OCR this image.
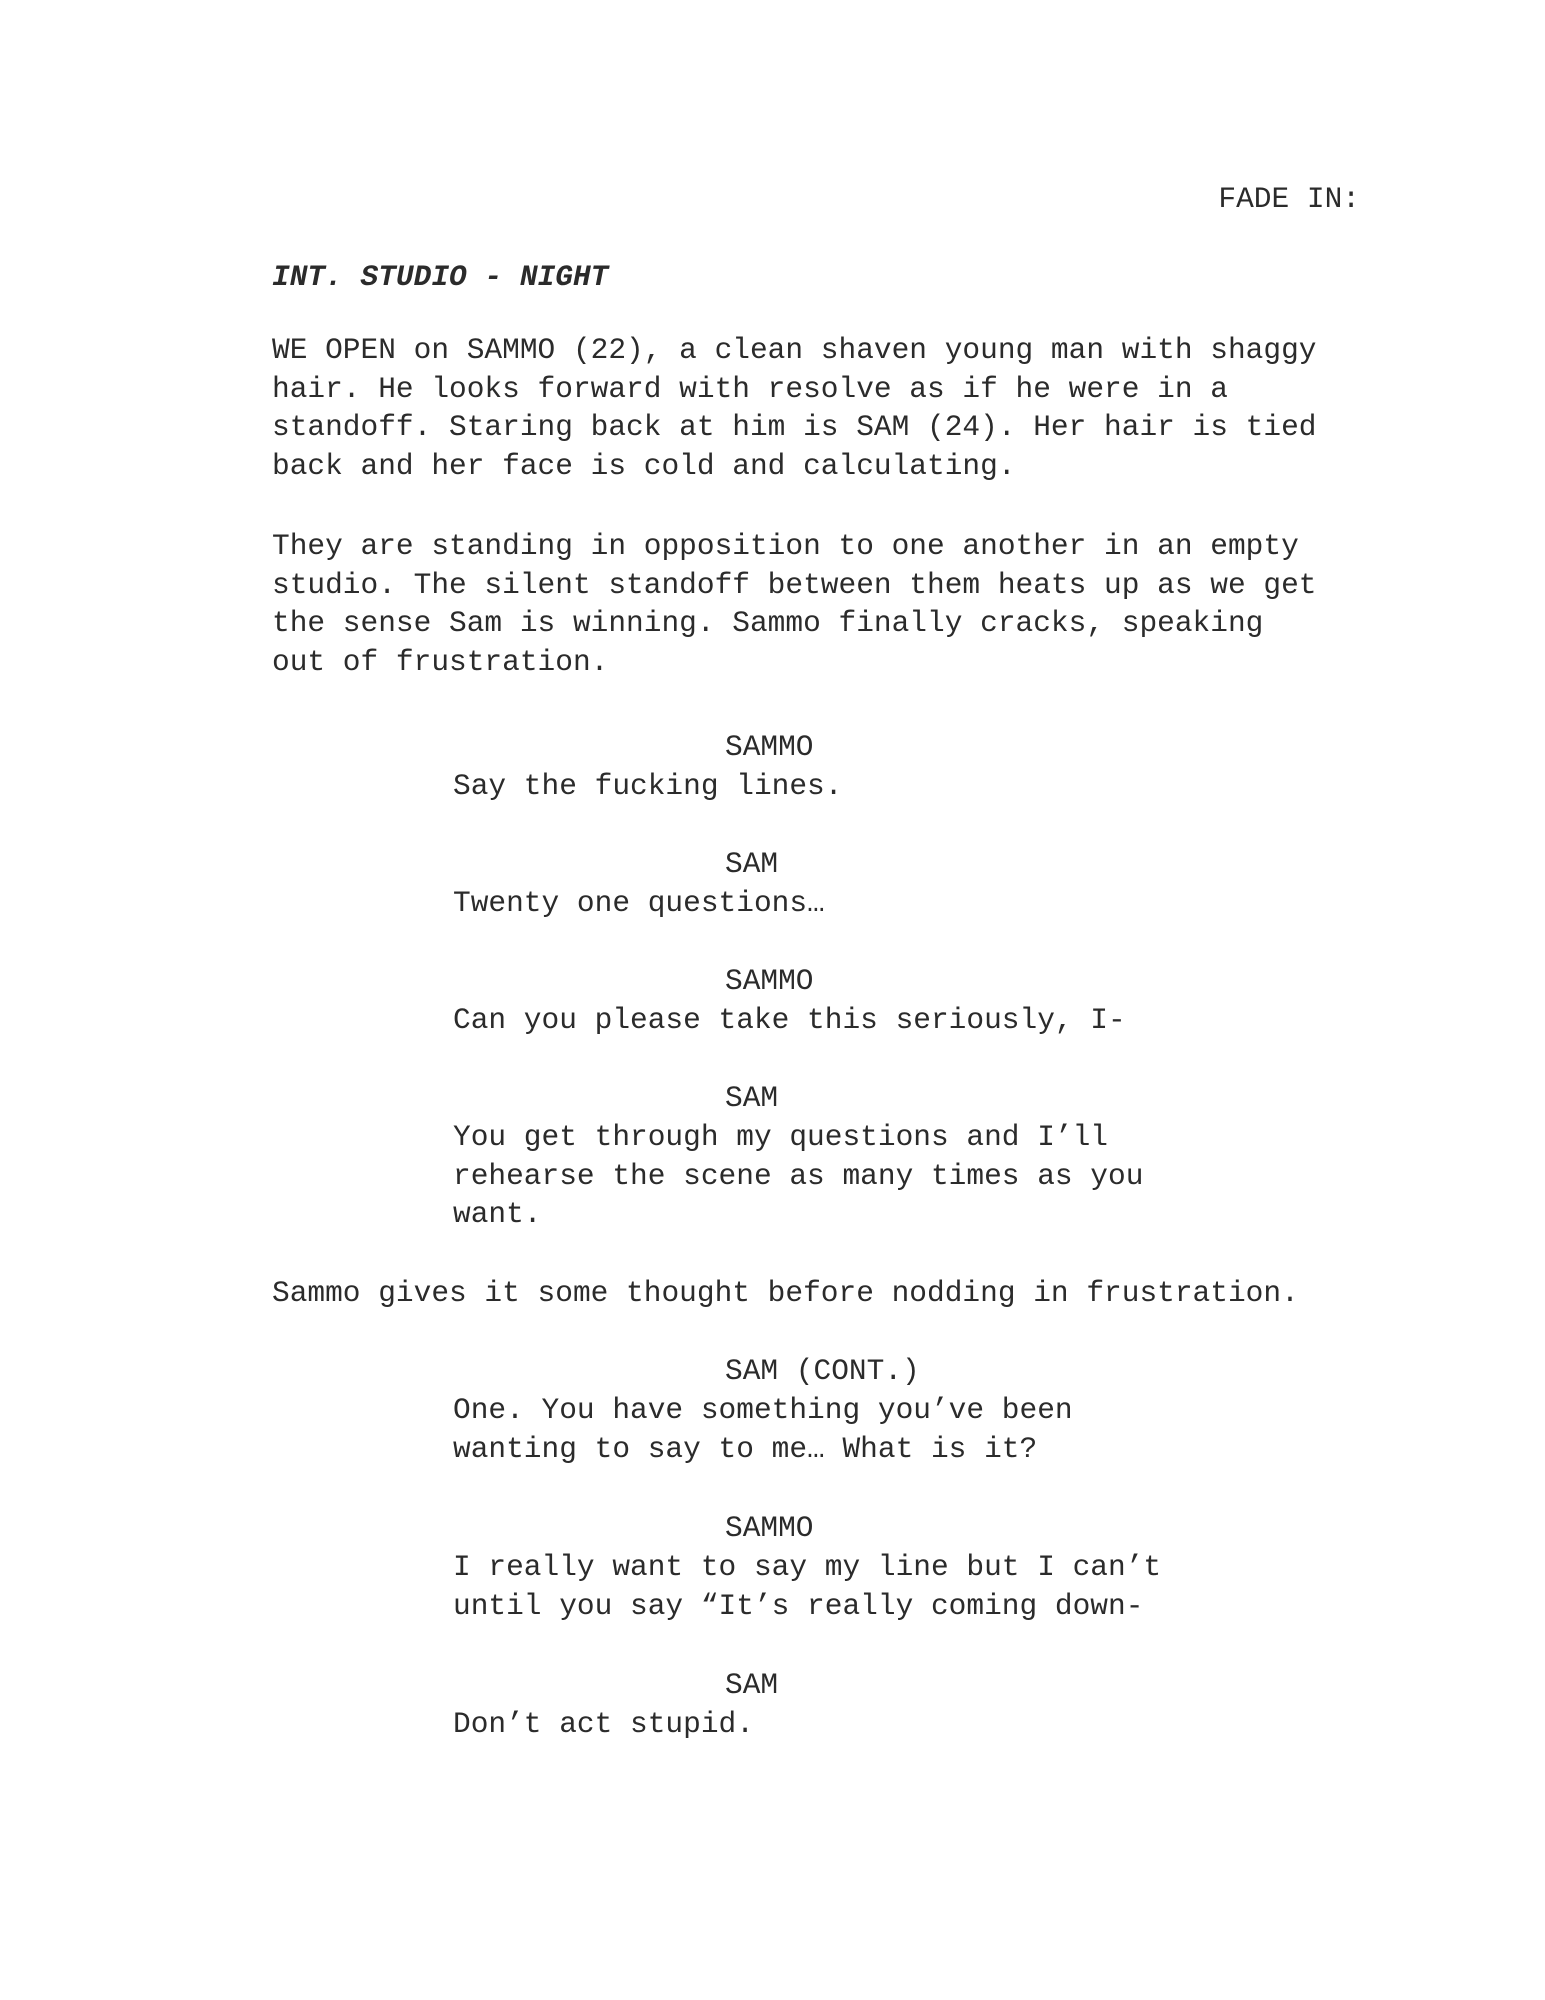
FADE IN:
INT. STUDIO - NIGHT
WE OPEN on SAMMO (22), a clean shaven young man with shaggy
hair. He looks forward with resolve as if he were in a
standoff. Staring back at him is SAM (24). Her hair is tied
back and her face is cold and calculating.
They are standing in opposition to one another in an empty
studio. The silent standoff between them heats up as we get
the sense Sam is winning. Sammo finally cracks, speaking
out of frustration.
SAMMO
Say the fucking lines.
SAM
Twenty one questions…
SAMMO
Can you please take this seriously, I-
SAM
You get through my questions and I’ll
rehearse the scene as many times as you
want.
Sammo gives it some thought before nodding in frustration.
SAM (CONT.)
One. You have something you’ve been
wanting to say to me… What is it?
SAMMO
I really want to say my line but I can’t
until you say “It’s really coming down-
SAM
Don’t act stupid.
